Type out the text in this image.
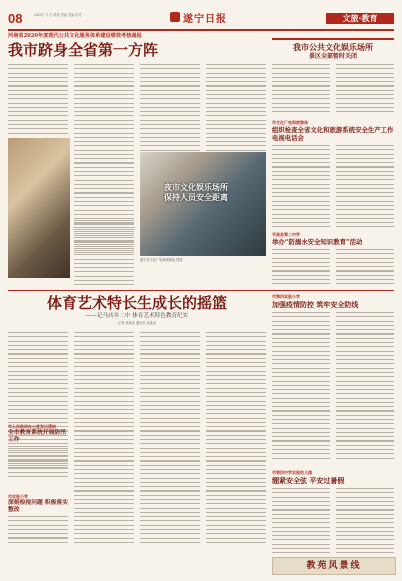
08	2020年 月 日 星期 责编 美编 校对	遂宁日报	文旅·教育
河南省2020年度现代公共文化服务体系建设绩效考核通报
我市跻身全省第一方阵
夜市文化娱乐场所
保持人员安全距离
遂宁市文化广电和旅游局 供图
我市公共文化娱乐场所
景区全部暂时关闭
市文化广电和旅游局
组织检查全省文化和旅游系统安全生产工作电视电话会
平昌县第二中学
举办“防溺水安全知识教育”活动
体育艺术特长生成长的摇篮
——记马店乡二中 体育艺术特色教育纪实
记者 某某某 通讯员 某某某
市人民政府办公室发出通知
全市教育系统开展防汛工作
市实验小学
深刻检视问题 积极落实整改
市第四实验小学
加强疫情防控 筑牢安全防线
市第四中学实验幼儿园
绷紧安全弦 平安过暑假
教苑风景线
